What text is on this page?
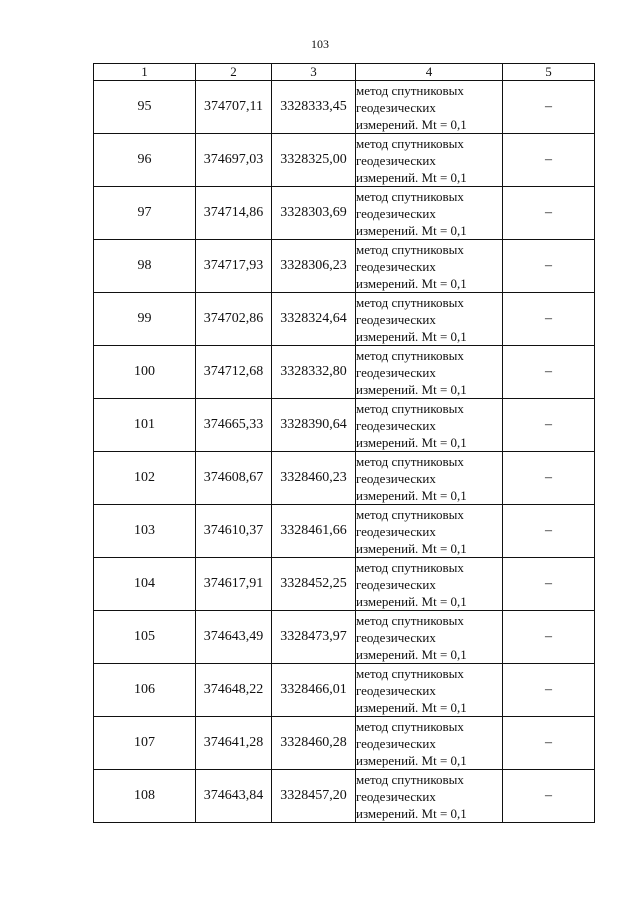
103
1	2	3	4	5
95	374707,11	3328333,45	метод спутниковых
геодезических
измерений. Mt = 0,1	–
96	374697,03	3328325,00	метод спутниковых
геодезических
измерений. Mt = 0,1	–
97	374714,86	3328303,69	метод спутниковых
геодезических
измерений. Mt = 0,1	–
98	374717,93	3328306,23	метод спутниковых
геодезических
измерений. Mt = 0,1	–
99	374702,86	3328324,64	метод спутниковых
геодезических
измерений. Mt = 0,1	–
100	374712,68	3328332,80	метод спутниковых
геодезических
измерений. Mt = 0,1	–
101	374665,33	3328390,64	метод спутниковых
геодезических
измерений. Mt = 0,1	–
102	374608,67	3328460,23	метод спутниковых
геодезических
измерений. Mt = 0,1	–
103	374610,37	3328461,66	метод спутниковых
геодезических
измерений. Mt = 0,1	–
104	374617,91	3328452,25	метод спутниковых
геодезических
измерений. Mt = 0,1	–
105	374643,49	3328473,97	метод спутниковых
геодезических
измерений. Mt = 0,1	–
106	374648,22	3328466,01	метод спутниковых
геодезических
измерений. Mt = 0,1	–
107	374641,28	3328460,28	метод спутниковых
геодезических
измерений. Mt = 0,1	–
108	374643,84	3328457,20	метод спутниковых
геодезических
измерений. Mt = 0,1	–
